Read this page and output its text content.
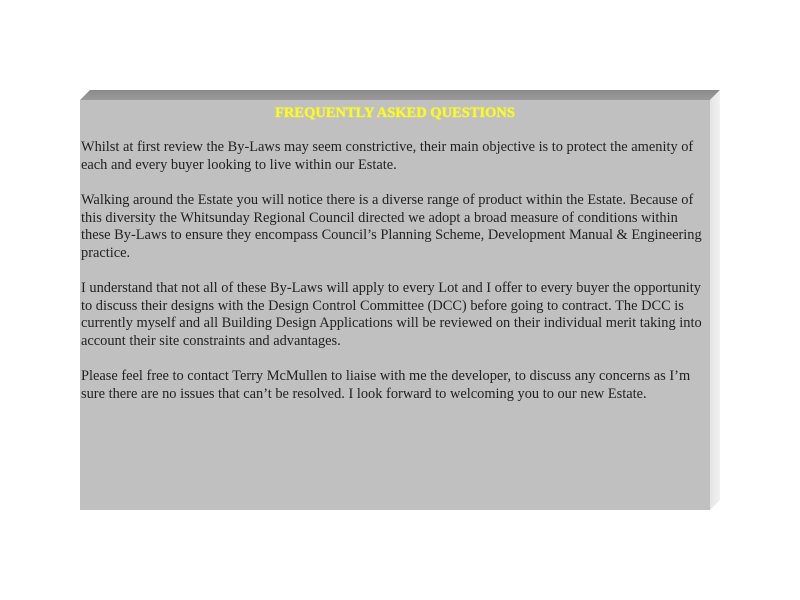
FREQUENTLY ASKED QUESTIONS

Whilst at first review the By-Laws may seem constrictive, their main objective is to protect the amenity of each and every buyer looking to live within our Estate.

Walking around the Estate you will notice there is a diverse range of product within the Estate. Because of this diversity the Whitsunday Regional Council directed we adopt a broad measure of conditions within these By-Laws to ensure they encompass Council’s Planning Scheme, Development Manual & Engineering practice.

I understand that not all of these By-Laws will apply to every Lot and I offer to every buyer the opportunity to discuss their designs with the Design Control Committee (DCC) before going to contract. The DCC is currently myself and all Building Design Applications will be reviewed on their individual merit taking into account their site constraints and advantages.

Please feel free to contact Terry McMullen to liaise with me the developer, to discuss any concerns as I’m sure there are no issues that can’t be resolved. I look forward to welcoming you to our new Estate.
